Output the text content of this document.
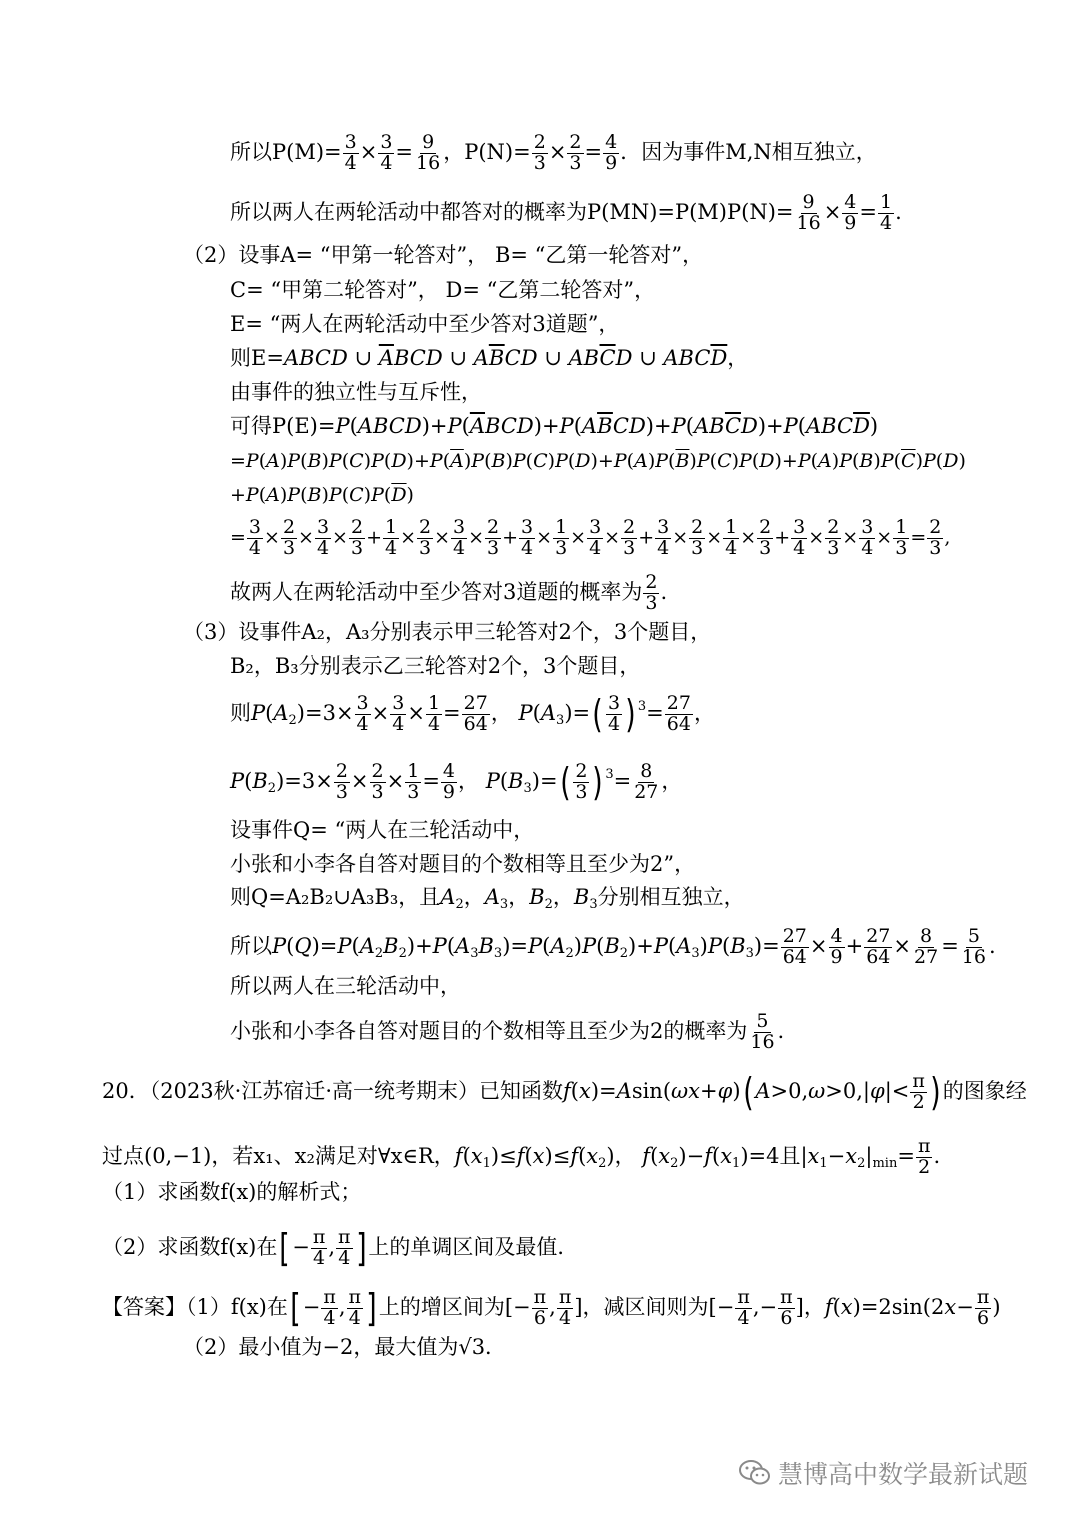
所以$P(M)= \frac{3}{4} \times \frac{3}{4} = \frac{9}{16}$ ，$P(N)= \frac{2}{3} \times \frac{2}{3} = \frac{4}{9}$ ．因为事件M,N相互独立，
所以两人在两轮活动中都答对的概率为$P(MN)=P(M)P(N)= \frac{9}{16} \times \frac{4}{9} = \frac{1}{4}$ .
（2）设事A= “甲第一轮答对”， B= “乙第一轮答对”，
C= “甲第二轮答对”， D= “乙第二轮答对”，
E= “两人在两轮活动中至少答对3道题”，
则E=ABCD ∪ $\overline{A}BCD$ ∪ $A\overline{B}CD$ ∪ $AB\overline{C}D$ ∪ $ABC\overline{D}$，
由事件的独立性与互斥性，
可得$P(E)=P(ABCD)+P(\overline{A}BCD)+P(A\overline{B}CD)+P(AB\overline{C}D)+P(ABC\overline{D})$
$=P(A)P(B)P(C)P(D)+P(\overline{A})P(B)P(C)P(D)+P(A)P(\overline{B})P(C)P(D)+P(A)P(B)P(\overline{C})P(D)$
$+P(A)P(B)P(C)P(\overline{D})$
= $\frac{3}{4} \times \frac{2}{3} \times \frac{3}{4} \times \frac{2}{3} + \frac{1}{4} \times \frac{2}{3} \times \frac{3}{4} \times \frac{2}{3} + \frac{3}{4} \times \frac{1}{3} \times \frac{3}{4} \times \frac{2}{3} + \frac{3}{4} \times \frac{2}{3} \times \frac{1}{4} \times \frac{2}{3} + \frac{3}{4} \times \frac{2}{3} \times \frac{3}{4} \times \frac{1}{3} = \frac{2}{3}$ ,
故两人在两轮活动中至少答对3道题的概率为 $\frac{2}{3}$ .
（3）设事件A₂，A₃分别表示甲三轮答对2个，3个题目，
B₂，B₃分别表示乙三轮答对2个，3个题目，
则$P(A2)=3\times \frac{3}{4} \times \frac{3}{4} \times \frac{1}{4} = \frac{27}{64}$ ， $P(A3)=( \frac{3}{4}$ ) $^3= \frac{27}{64}$ ，
$P(B2)=3\times \frac{2}{3} \times \frac{2}{3} \times \frac{1}{3} = \frac{4}{9}$ ， $P(B3)=( \frac{2}{3}$ ) $^3= \frac{8}{27}$ ，
设事件Q= “两人在三轮活动中，
小张和小李各自答对题目的个数相等且至少为2”，
则Q=A₂B₂∪A₃B₃，且A2，A3，B2，B3分别相互独立，
所以$P(Q)=P(A2B2)+P(A3B3)=P(A2)P(B2)+P(A3)P(B3)= \frac{27}{64} \times \frac{4}{9} + \frac{27}{64} \times \frac{8}{27} = \frac{5}{16}$ .
所以两人在三轮活动中，
小张和小李各自答对题目的个数相等且至少为2的概率为 $\frac{5}{16}$ .
20．（2023秋·江苏宿迁·高一统考期末）已知函数f(x)=Asin(ωx+φ)( $A>0,\omega>0,|\varphi|< \frac{\pi}{2}$ ) 的图象经
过点(0,−1)，若x₁、x₂满足对∀x∈R，f(x1)≤f(x)≤f(x2)， f(x2)−f(x1)=4且$|x1-x2|\min= \frac{\pi}{2}$ .
（1）求函数f(x)的解析式；
（2）求函数f(x)在[ − $\frac{\pi}{4}$ , $\frac{\pi}{4}$ ] 上的单调区间及最值．
【答案】（1）f(x)在[ − $\frac{\pi}{4}$ , $\frac{\pi}{4}$ ] 上的增区间为[− $\frac{\pi}{6}$ , $\frac{\pi}{4}$ ]，减区间则为[− $\frac{\pi}{4}$ ,− $\frac{\pi}{6}$ ]，$f(x)=2\sin(2x- \frac{\pi}{6}$ )
（2）最小值为−2，最大值为√3．
慧博高中数学最新试题
